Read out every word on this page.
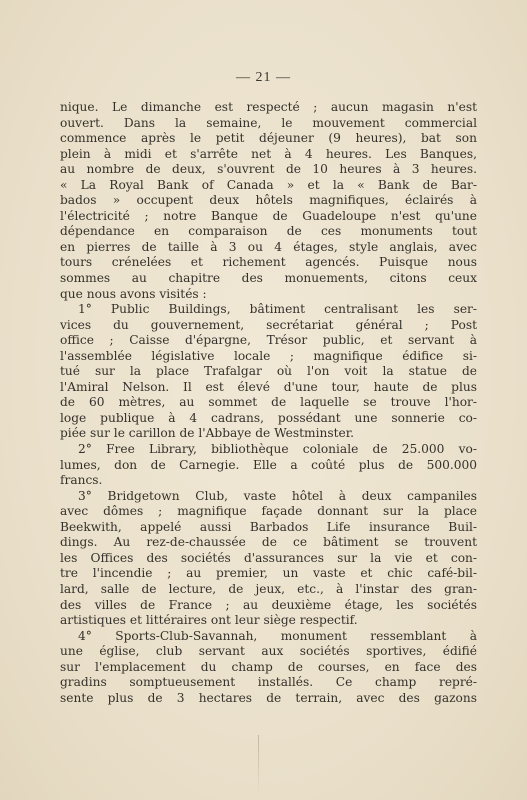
— 21 —
nique. Le dimanche est respecté ; aucun magasin n'est
ouvert. Dans la semaine, le mouvement commercial
commence après le petit déjeuner (9 heures), bat son
plein à midi et s'arrête net à 4 heures. Les Banques,
au nombre de deux, s'ouvrent de 10 heures à 3 heures.
« La Royal Bank of Canada » et la « Bank de Bar-
bados » occupent deux hôtels magnifiques, éclairés à
l'électricité ; notre Banque de Guadeloupe n'est qu'une
dépendance en comparaison de ces monuments tout
en pierres de taille à 3 ou 4 étages, style anglais, avec
tours crénelées et richement agencés. Puisque nous
sommes au chapitre des monuements, citons ceux
que nous avons visités :
1° Public Buildings, bâtiment centralisant les ser-
vices du gouvernement, secrétariat général ; Post
office ; Caisse d'épargne, Trésor public, et servant à
l'assemblée législative locale ; magnifique édifice si-
tué sur la place Trafalgar où l'on voit la statue de
l'Amiral Nelson. Il est élevé d'une tour, haute de plus
de 60 mètres, au sommet de laquelle se trouve l'hor-
loge publique à 4 cadrans, possédant une sonnerie co-
piée sur le carillon de l'Abbaye de Westminster.
2° Free Library, bibliothèque coloniale de 25.000 vo-
lumes, don de Carnegie. Elle a coûté plus de 500.000
francs.
3° Bridgetown Club, vaste hôtel à deux campaniles
avec dômes ; magnifique façade donnant sur la place
Beekwith, appelé aussi Barbados Life insurance Buil-
dings. Au rez-de-chaussée de ce bâtiment se trouvent
les Offices des sociétés d'assurances sur la vie et con-
tre l'incendie ; au premier, un vaste et chic café-bil-
lard, salle de lecture, de jeux, etc., à l'instar des gran-
des villes de France ; au deuxième étage, les sociétés
artistiques et littéraires ont leur siège respectif.
4° Sports-Club-Savannah, monument ressemblant à
une église, club servant aux sociétés sportives, édifié
sur l'emplacement du champ de courses, en face des
gradins somptueusement installés. Ce champ repré-
sente plus de 3 hectares de terrain, avec des gazons
